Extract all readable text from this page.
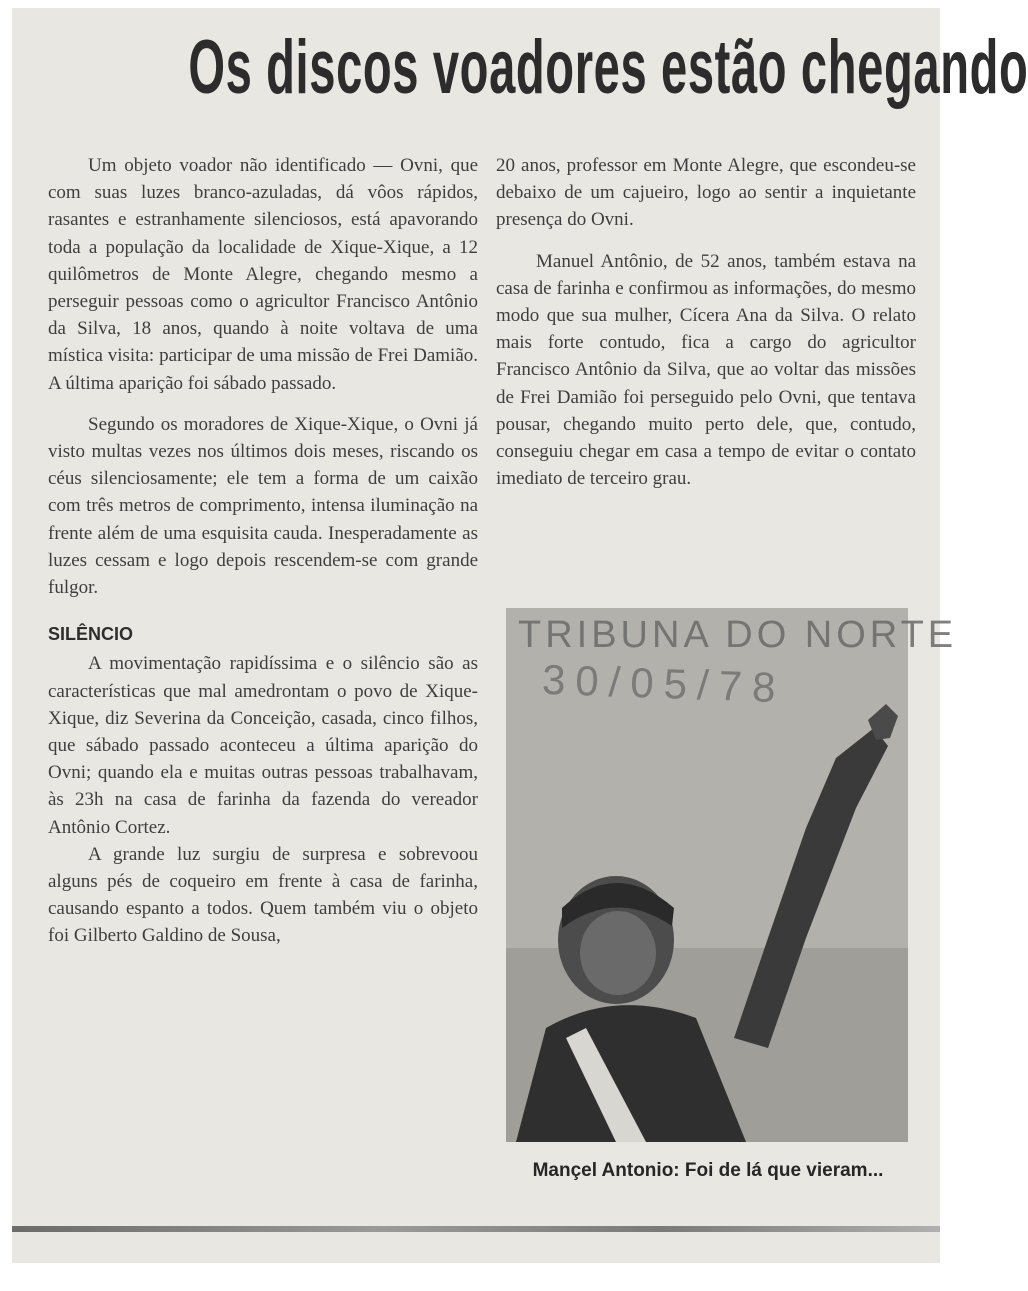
Os discos voadores estão chegando

Um objeto voador não identificado — Ovni, que com suas luzes branco-azuladas, dá vôos rápidos, rasantes e estranhamente silenciosos, está apavorando toda a população da localidade de Xique-Xique, a 12 quilômetros de Monte Alegre, chegando mesmo a perseguir pessoas como o agricultor Francisco Antônio da Silva, 18 anos, quando à noite voltava de uma mística visita: participar de uma missão de Frei Damião. A última aparição foi sábado passado.

Segundo os moradores de Xique-Xique, o Ovni já visto multas vezes nos últimos dois meses, riscando os céus silenciosamente; ele tem a forma de um caixão com três metros de comprimento, intensa iluminação na frente além de uma esquisita cauda. Inesperadamente as luzes cessam e logo depois rescendem-se com grande fulgor.

SILÊNCIO

A movimentação rapidíssima e o silêncio são as características que mal amedrontam o povo de Xique-Xique, diz Severina da Conceição, casada, cinco filhos, que sábado passado aconteceu a última aparição do Ovni; quando ela e muitas outras pessoas trabalhavam, às 23h na casa de farinha da fazenda do vereador Antônio Cortez.

A grande luz surgiu de surpresa e sobrevoou alguns pés de coqueiro em frente à casa de farinha, causando espanto a todos. Quem também viu o objeto foi Gilberto Galdino de Sousa,

20 anos, professor em Monte Alegre, que escondeu-se debaixo de um cajueiro, logo ao sentir a inquietante presença do Ovni.

Manuel Antônio, de 52 anos, também estava na casa de farinha e confirmou as informações, do mesmo modo que sua mulher, Cícera Ana da Silva. O relato mais forte contudo, fica a cargo do agricultor Francisco Antônio da Silva, que ao voltar das missões de Frei Damião foi perseguido pelo Ovni, que tentava pousar, chegando muito perto dele, que, contudo, conseguiu chegar em casa a tempo de evitar o contato imediato de terceiro grau.

TRIBUNA DO NORTE
30/05/78
Mançel Antonio: Foi de lá que vieram...
